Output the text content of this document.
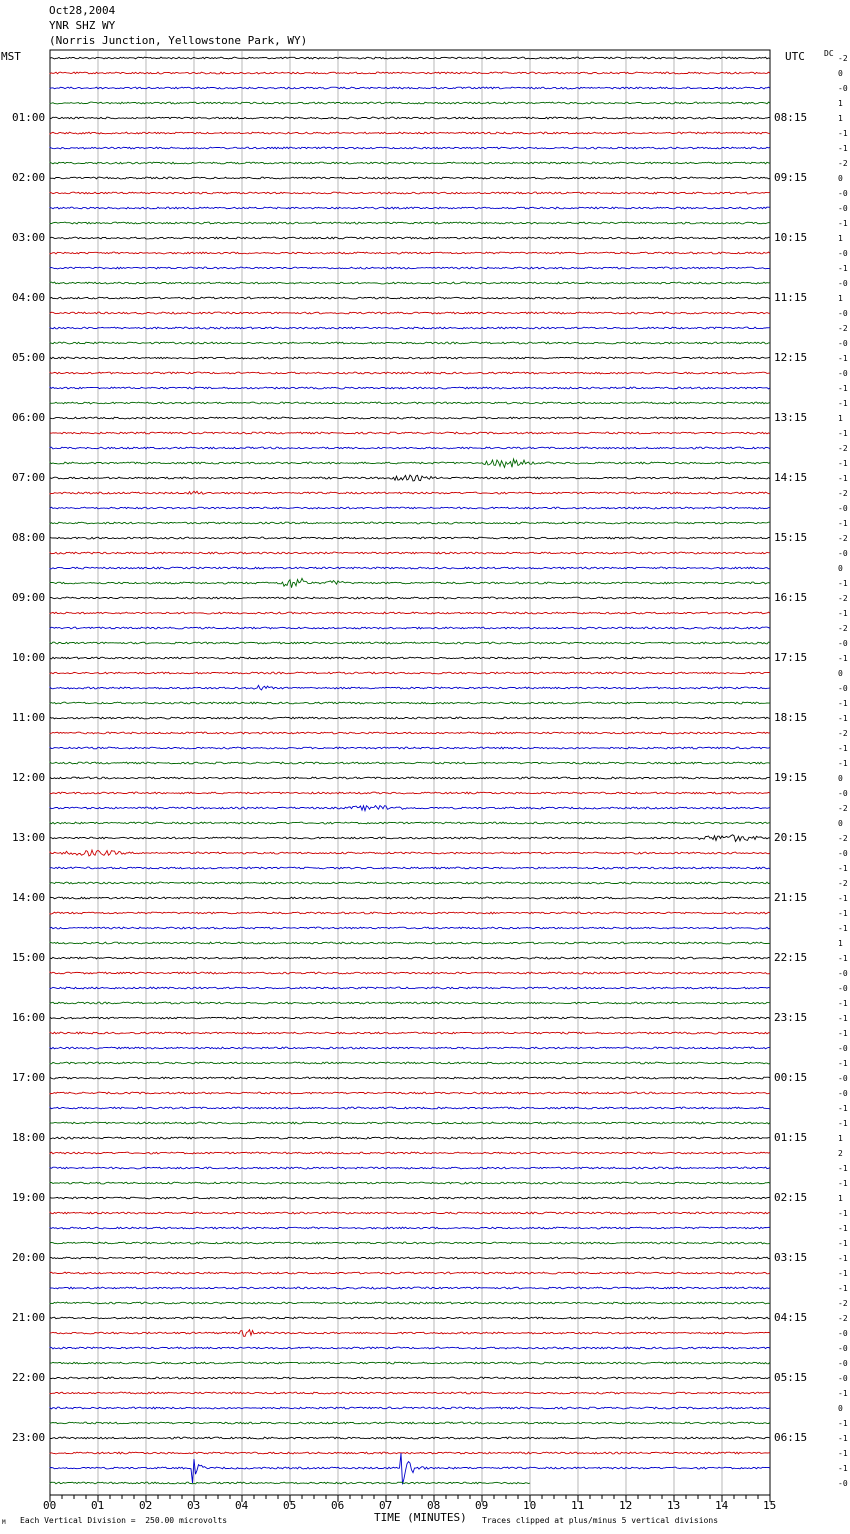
Oct28,2004
YNR SHZ WY
(Norris Junction, Yellowstone Park, WY)
MST	UTC DC
01:00
02:00
03:00
04:00
05:00
06:00
07:00
08:00
09:00
10:00
11:00
12:00
13:00
14:00
15:00
16:00
17:00
18:00
19:00
20:00
21:00
22:00
23:00
08:15
09:15
10:15
11:15
12:15
13:15
14:15
15:15
16:15
17:15
18:15
19:15
20:15
21:15
22:15
23:15
00:15
01:15
02:15
03:15
04:15
05:15
06:15
-2
0
-0
1
1
-1
-1
-2
0
-0
-0
-1
1
-0
-1
-0
1
-0
-2
-0
-1
-0
-1
-1
1
-1
-2
-1
-1
-2
-0
-1
-2
-0
0
-1
-2
-1
-2
-0
-1
0
-0
-1
-1
-2
-1
-1
0
-0
-2
0
-2
-0
-1
-2
-1
-1
-1
1
-1
-0
-0
-1
-1
-1
-0
-1
-0
-0
-1
-1
1
2
-1
-1
1
-1
-1
-1
-1
-1
-1
-2
-2
-0
-0
-0
-0
-1
0
-1
-1
-1
-1
-0
00	01	02	03	04	05	06	07	08	09	10	11	12	13	14	15
TIME (MINUTES)
Each Vertical Division =  250.00 microvolts	Traces clipped at plus/minus 5 vertical divisions
M
